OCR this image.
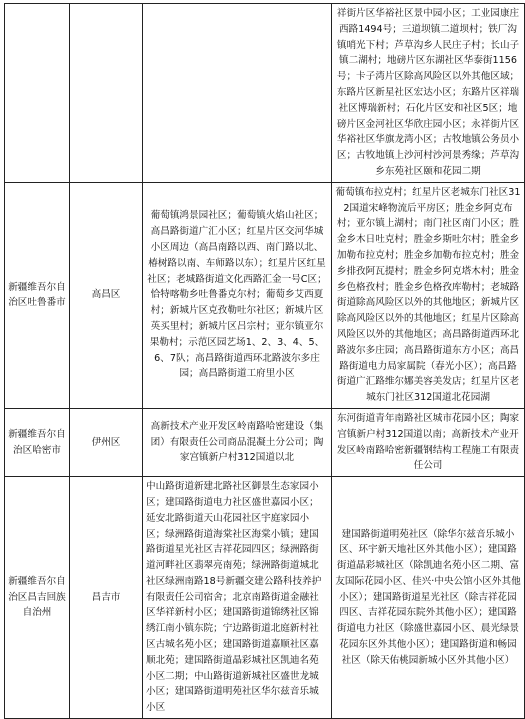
			祥街片区华裕社区景中园小区；工业园康庄西路1494号；三道坝镇二道坝村；铁厂沟镇哨光下村；芦草沟乡人民庄子村；长山子镇二湖村；地磅片区东湖社区华泰街1156号；卡子湾片区除高风险区以外其他区域；东路片区新星社区宏达小区；东路片区祥瑞社区博瑞新村；石化片区安和社区5区；地磅片区金河社区华欣庄园小区；永祥街片区华裕社区华旗龙湾小区；古牧地镇公务员小区；古牧地镇上沙河村沙河景秀缘；芦草沟乡东苑社区颐和花园二期
新疆维吾尔自治区吐鲁番市	高昌区	葡萄镇鸿景园社区；葡萄镇火焰山社区；高昌路街道广汇小区；红星片区交河华城小区周边（高昌南路以西、南门路以北、椿树路以南、车师路以东）；红星片区红星社区；老城路街道文化西路汇金一号C区；恰特喀勒乡吐鲁番克尔村；葡萄乡艾西夏村；新城片区克孜勒吐尔社区；新城片区英买里村；新城片区吕宗村；亚尔镇亚尔果勒村；示范区园艺场1、2、3、4、5、6、7队；高昌路街道西环北路波尔多庄园；高昌路街道工府里小区	葡萄镇布拉克村；红星片区老城东门社区312国道宋峰物流后平房区；胜金乡阿克布村；亚尔镇上湖村；南门社区南门小区；胜金乡木日吐克村；胜金乡斯吐尔村；胜金乡加勒布拉克村；胜金乡加勒布拉克村；胜金乡排孜阿瓦提村；胜金乡阿克塔木村；胜金乡色格孜村；胜金乡色格孜库勒村；老城路街道除高风险区以外的其他地区；新城片区除高风险区以外的其他地区；红星片区除高风险区以外的其他地区；高昌路街道西环北路波尔多庄园；高昌路街道东方小区；高昌路街道电力局家属院（春光小区）；高昌路街道广汇路维尔娜美容美发店；红星片区老城东门社区312国道北花园湖
新疆维吾尔自治区哈密市	伊州区	高新技术产业开发区岭南路哈密建设（集团）有限责任公司商品混凝土分公司；陶家宫镇新户村312国道以北	东河街道青年南路社区城市花园小区；陶家宫镇新户村312国道以南；高新技术产业开发区岭南路哈密新疆钢结构工程施工有限责任公司
新疆维吾尔自治区昌吉回族自治州	昌吉市	中山路街道新建北路社区御景生态家园小区；建国路街道电力社区盛世嘉园小区；延安北路街道天山花园社区宇庭家园小区；绿洲路街道海棠社区海棠小镇；建国路街道星光社区吉祥花园四区；绿洲路街道河畔社区翡翠亮南苑；绿洲路街道城北社区绿洲南路18号新疆交建公路科技养护有限责任公司宿舍；北京南路街道金融社区华祥新村小区；建国路街道锦绣社区锦绣江南小镇东院；宁边路街道北庭新村社区古城名苑小区；建国路街道嘉顺社区嘉顺北苑；建国路街道晶彩城社区凯迪名苑小区二期；中山路街道新城社区盛世龙城小区；建国路街道明苑社区华尔兹音乐城小区	建国路街道明苑社区（除华尔兹音乐城小区、环宇新天地社区外其他小区）；建国路街道晶彩城社区（除凯迪名苑小区二期、富友国际花园小区、佳兴·中央公馆小区外其他小区）；建国路街道星光社区（除吉祥花园四区、吉祥花园东院外其他小区）；建国路街道电力社区（除盛世嘉园小区、晨光绿景花园东区外其他小区）；建国路街道和畅园社区（除天佑桃园新城小区外其他小区）
